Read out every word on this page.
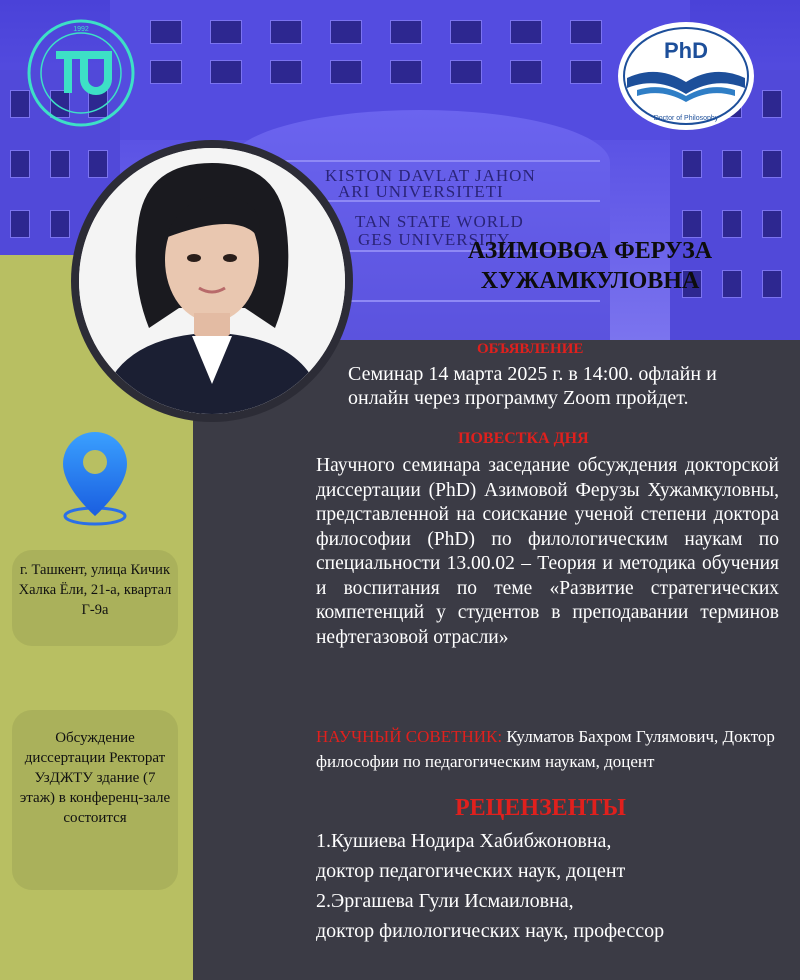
KISTON DAVLAT JAHON
ARI UNIVERSITETI
TAN STATE WORLD
GES UNIVERSITY
1992
PhD
Doctor of Philosophy
г. Ташкент, улица Кичик Халка Ёли, 21-а, квартал Г-9а
Обсуждение диссертации Ректорат УзДЖТУ здание (7 этаж) в конференц-зале состоится
АЗИМОВОА ФЕРУЗА
ХУЖАМКУЛОВНА
ОБЪЯВЛЕНИЕ
Семинар 14 марта 2025 г. в 14:00. офлайн и онлайн через программу Zoom пройдет.
ПОВЕСТКА ДНЯ
Научного семинара заседание обсуждения докторской диссертации (PhD) Азимовой Ферузы Хужамкуловны, представленной на соискание ученой степени доктора философии (PhD) по филологическим наукам по специальности 13.00.02 – Теория и методика обучения и воспитания по теме «Развитие стратегических компетенций у студентов в преподавании терминов нефтегазовой отрасли»
НАУЧНЫЙ СОВЕТНИК: Кулматов Бахром Гулямович, Доктор философии по педагогическим наукам, доцент
РЕЦЕНЗЕНТЫ
1.Кушиева Нодира Хабибжоновна,
доктор педагогических наук, доцент
2.Эргашева Гули Исмаиловна,
доктор филологических наук, профессор
